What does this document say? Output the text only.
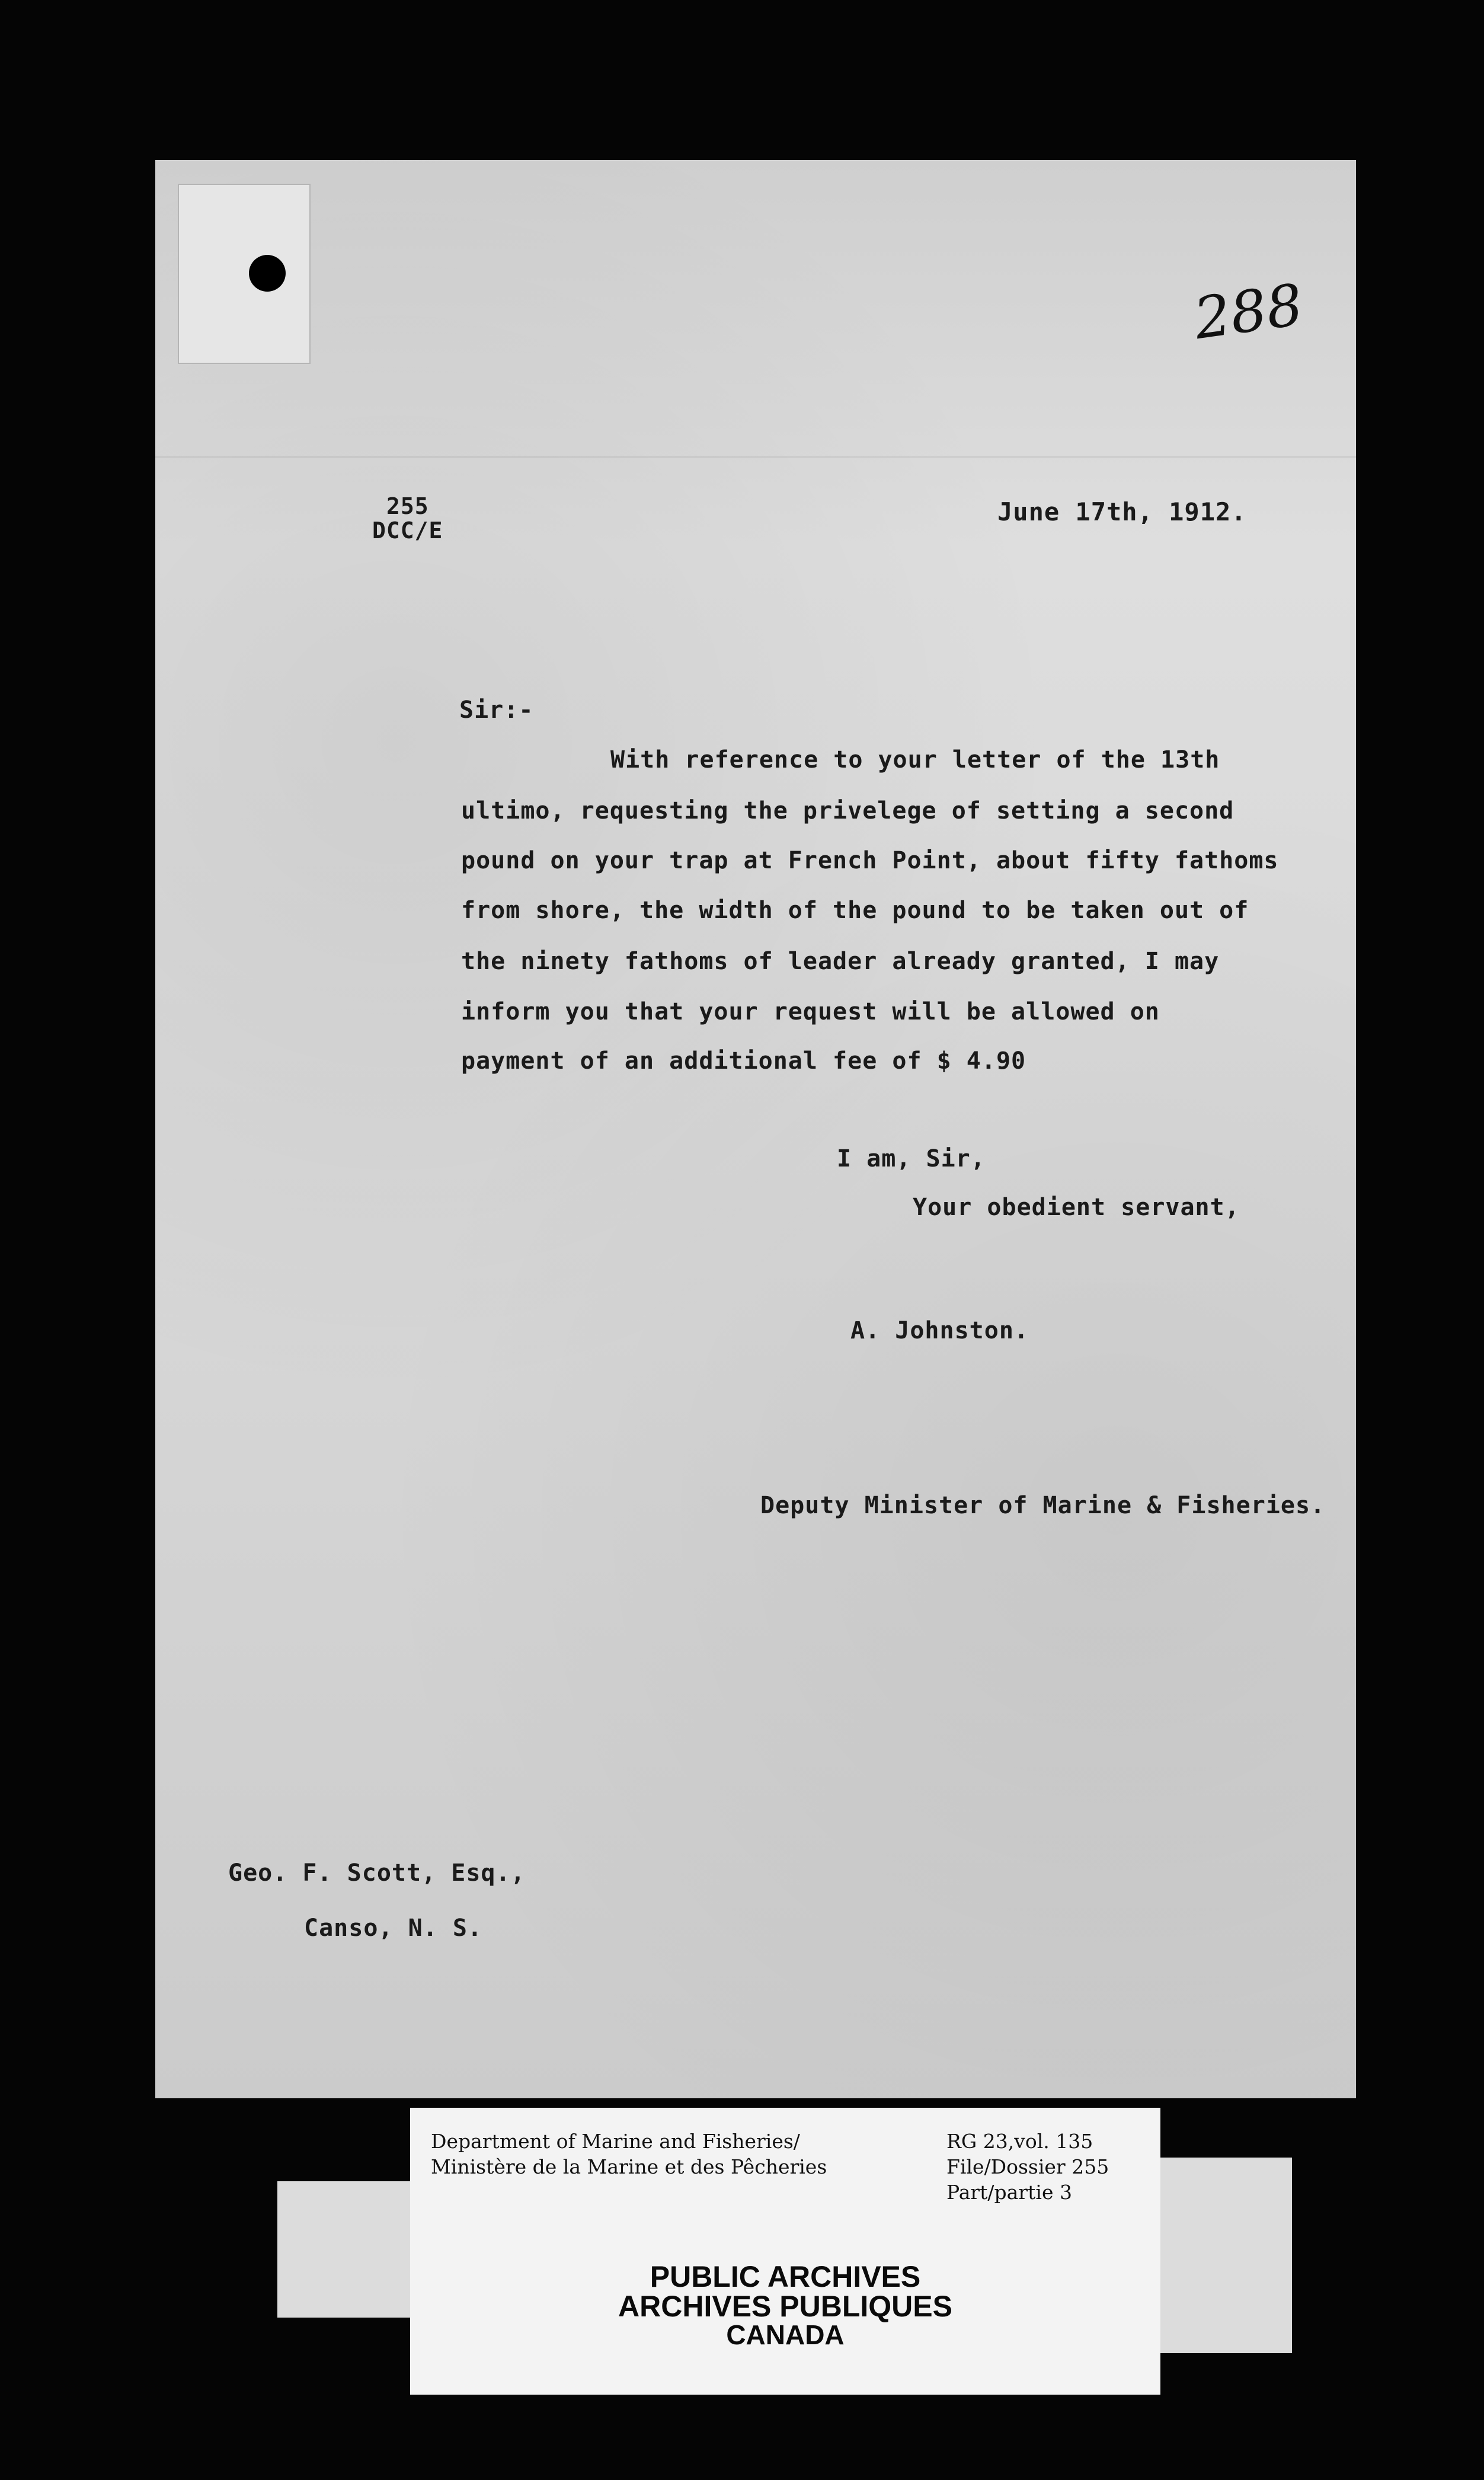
288
255
DCC/E
June 17th, 1912.
Sir:-
With reference to your letter of the 13th
ultimo, requesting the privelege of setting a second
pound on your trap at French Point, about fifty fathoms
from shore, the width of the pound to be taken out of
the ninety fathoms of leader already granted, I may
inform you that your request will be allowed on
payment of an additional fee of $ 4.90
I am, Sir,
Your obedient servant,
A. Johnston.
Deputy Minister of Marine & Fisheries.
Geo. F. Scott, Esq.,
Canso, N. S.
Department of Marine and Fisheries/
Ministère de la Marine et des Pêcheries
RG 23,vol. 135
File/Dossier 255
Part/partie 3
PUBLIC ARCHIVES
ARCHIVES PUBLIQUES
CANADA
